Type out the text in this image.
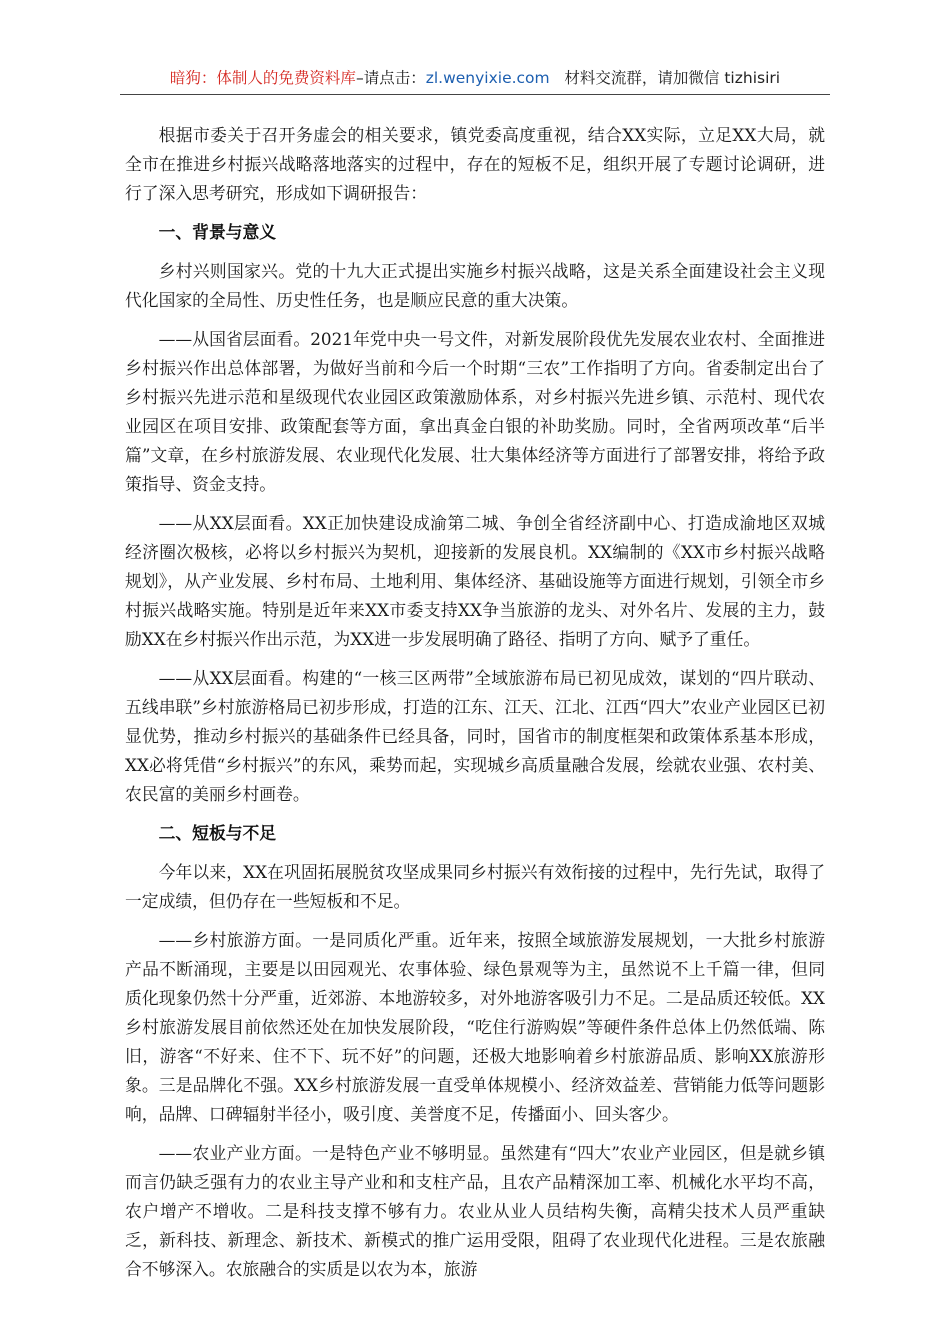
暗狗：体制人的免费资料库–请点击：zl.wenyixie.com 材料交流群，请加微信 tizhisiri

根据市委关于召开务虚会的相关要求，镇党委高度重视，结合XX实际，立足XX大局，就全市在推进乡村振兴战略落地落实的过程中，存在的短板不足，组织开展了专题讨论调研，进行了深入思考研究，形成如下调研报告：

一、背景与意义

乡村兴则国家兴。党的十九大正式提出实施乡村振兴战略，这是关系全面建设社会主义现代化国家的全局性、历史性任务，也是顺应民意的重大决策。

——从国省层面看。2021年党中央一号文件，对新发展阶段优先发展农业农村、全面推进乡村振兴作出总体部署，为做好当前和今后一个时期“三农”工作指明了方向。省委制定出台了乡村振兴先进示范和星级现代农业园区政策激励体系，对乡村振兴先进乡镇、示范村、现代农业园区在项目安排、政策配套等方面，拿出真金白银的补助奖励。同时，全省两项改革“后半篇”文章，在乡村旅游发展、农业现代化发展、壮大集体经济等方面进行了部署安排，将给予政策指导、资金支持。

——从XX层面看。XX正加快建设成渝第二城、争创全省经济副中心、打造成渝地区双城经济圈次极核，必将以乡村振兴为契机，迎接新的发展良机。XX编制的《XX市乡村振兴战略规划》，从产业发展、乡村布局、土地利用、集体经济、基础设施等方面进行规划，引领全市乡村振兴战略实施。特别是近年来XX市委支持XX争当旅游的龙头、对外名片、发展的主力，鼓励XX在乡村振兴作出示范，为XX进一步发展明确了路径、指明了方向、赋予了重任。

——从XX层面看。构建的“一核三区两带”全域旅游布局已初见成效，谋划的“四片联动、五线串联”乡村旅游格局已初步形成，打造的江东、江天、江北、江西“四大”农业产业园区已初显优势，推动乡村振兴的基础条件已经具备，同时，国省市的制度框架和政策体系基本形成，XX必将凭借“乡村振兴”的东风，乘势而起，实现城乡高质量融合发展，绘就农业强、农村美、农民富的美丽乡村画卷。

二、短板与不足

今年以来，XX在巩固拓展脱贫攻坚成果同乡村振兴有效衔接的过程中，先行先试，取得了一定成绩，但仍存在一些短板和不足。

——乡村旅游方面。一是同质化严重。近年来，按照全域旅游发展规划，一大批乡村旅游产品不断涌现，主要是以田园观光、农事体验、绿色景观等为主，虽然说不上千篇一律，但同质化现象仍然十分严重，近郊游、本地游较多，对外地游客吸引力不足。二是品质还较低。XX乡村旅游发展目前依然还处在加快发展阶段，“吃住行游购娱”等硬件条件总体上仍然低端、陈旧，游客“不好来、住不下、玩不好”的问题，还极大地影响着乡村旅游品质、影响XX旅游形象。三是品牌化不强。XX乡村旅游发展一直受单体规模小、经济效益差、营销能力低等问题影响，品牌、口碑辐射半径小，吸引度、美誉度不足，传播面小、回头客少。

——农业产业方面。一是特色产业不够明显。虽然建有“四大”农业产业园区，但是就乡镇而言仍缺乏强有力的农业主导产业和和支柱产品，且农产品精深加工率、机械化水平均不高，农户增产不增收。二是科技支撑不够有力。农业从业人员结构失衡，高精尖技术人员严重缺乏，新科技、新理念、新技术、新模式的推广运用受限，阻碍了农业现代化进程。三是农旅融合不够深入。农旅融合的实质是以农为本，旅游
